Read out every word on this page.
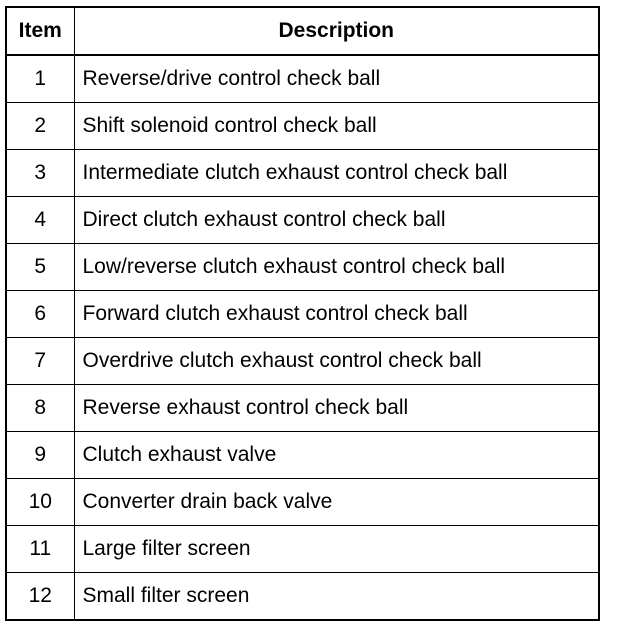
Item	Description
1	Reverse/drive control check ball
2	Shift solenoid control check ball
3	Intermediate clutch exhaust control check ball
4	Direct clutch exhaust control check ball
5	Low/reverse clutch exhaust control check ball
6	Forward clutch exhaust control check ball
7	Overdrive clutch exhaust control check ball
8	Reverse exhaust control check ball
9	Clutch exhaust valve
10	Converter drain back valve
11	Large filter screen
12	Small filter screen
